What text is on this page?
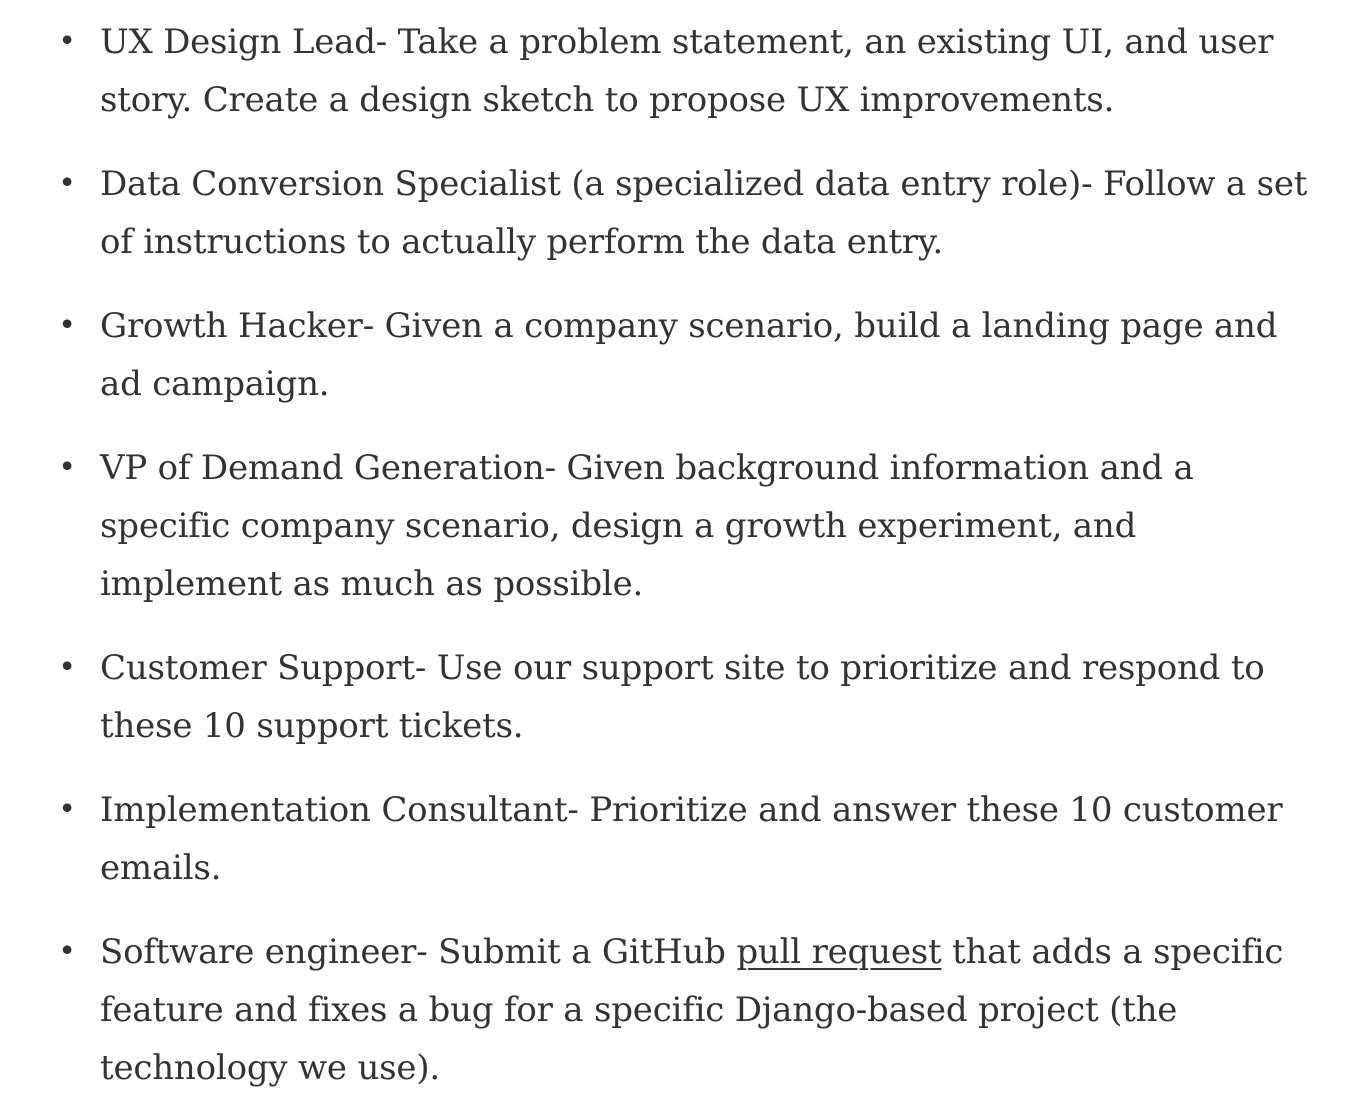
• UX Design Lead- Take a problem statement, an existing UI, and user story. Create a design sketch to propose UX improvements.
• Data Conversion Specialist (a specialized data entry role)- Follow a set of instructions to actually perform the data entry.
• Growth Hacker- Given a company scenario, build a landing page and ad campaign.
• VP of Demand Generation- Given background information and a specific company scenario, design a growth experiment, and implement as much as possible.
• Customer Support- Use our support site to prioritize and respond to these 10 support tickets.
• Implementation Consultant- Prioritize and answer these 10 customer emails.
• Software engineer- Submit a GitHub pull request that adds a specific feature and fixes a bug for a specific Django-based project (the technology we use).
